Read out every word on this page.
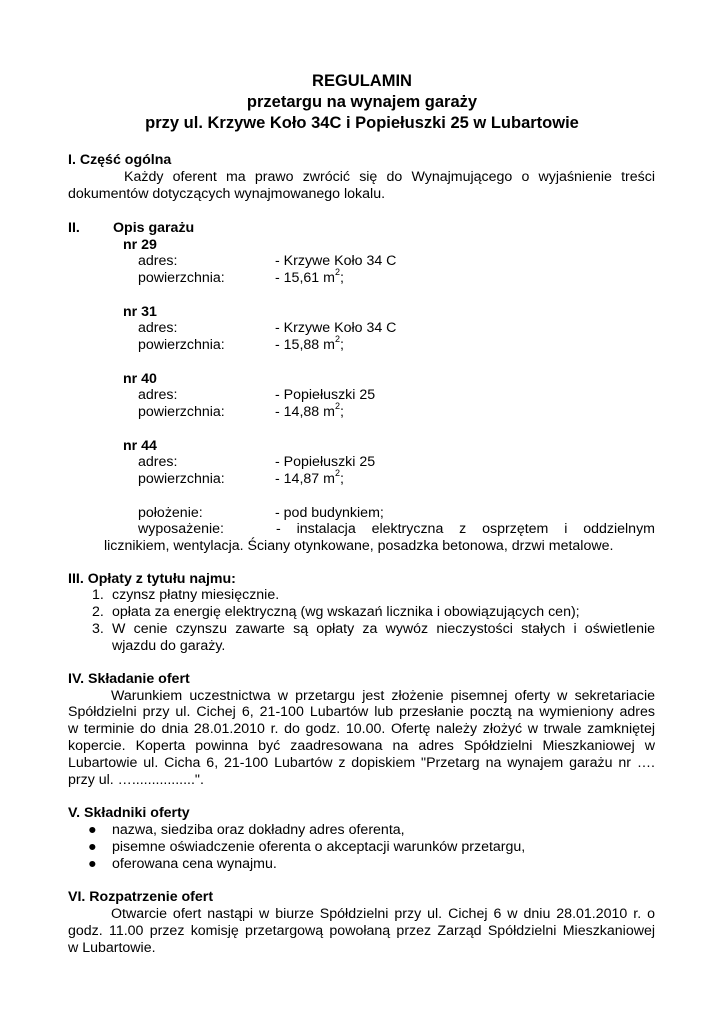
REGULAMIN
przetargu na wynajem garaży
przy ul. Krzywe Koło 34C i Popiełuszki 25 w Lubartowie
I. Część ogólna
Każdy oferent ma prawo zwrócić się do Wynajmującego o wyjaśnienie treści
dokumentów dotyczących wynajmowanego lokalu.
II. Opis garażu
nr 29
adres:	- Krzywe Koło 34 C
powierzchnia:	- 15,61 $m^2$;
nr 31
adres:	- Krzywe Koło 34 C
powierzchnia:	- 15,88 $m^2$;
nr 40
adres:	- Popiełuszki 25
powierzchnia:	- 14,88 $m^2$;
nr 44
adres:	- Popiełuszki 25
powierzchnia:	- 14,87 $m^2$;
położenie:	- pod budynkiem;
wyposażenie:	- instalacja elektryczna z osprzętem i oddzielnym
licznikiem, wentylacja. Ściany otynkowane, posadzka betonowa, drzwi metalowe.
III. Opłaty z tytułu najmu:
1. czynsz płatny miesięcznie.
2. opłata za energię elektryczną (wg wskazań licznika i obowiązujących cen);
3. W cenie czynszu zawarte są opłaty za wywóz nieczystości stałych i oświetlenie
wjazdu do garaży.
IV. Składanie ofert
Warunkiem uczestnictwa w przetargu jest złożenie pisemnej oferty w sekretariacie
Spółdzielni przy ul. Cichej 6, 21-100 Lubartów lub przesłanie pocztą na wymieniony adres
w terminie do dnia 28.01.2010 r. do godz. 10.00. Ofertę należy złożyć w trwale zamkniętej
kopercie. Koperta powinna być zaadresowana na adres Spółdzielni Mieszkaniowej w
Lubartowie ul. Cicha 6, 21-100 Lubartów z dopiskiem "Przetarg na wynajem garażu nr ….
przy ul. …................".
V. Składniki oferty
● nazwa, siedziba oraz dokładny adres oferenta,
● pisemne oświadczenie oferenta o akceptacji warunków przetargu,
● oferowana cena wynajmu.
VI. Rozpatrzenie ofert
Otwarcie ofert nastąpi w biurze Spółdzielni przy ul. Cichej 6 w dniu 28.01.2010 r. o
godz. 11.00 przez komisję przetargową powołaną przez Zarząd Spółdzielni Mieszkaniowej
w Lubartowie.
